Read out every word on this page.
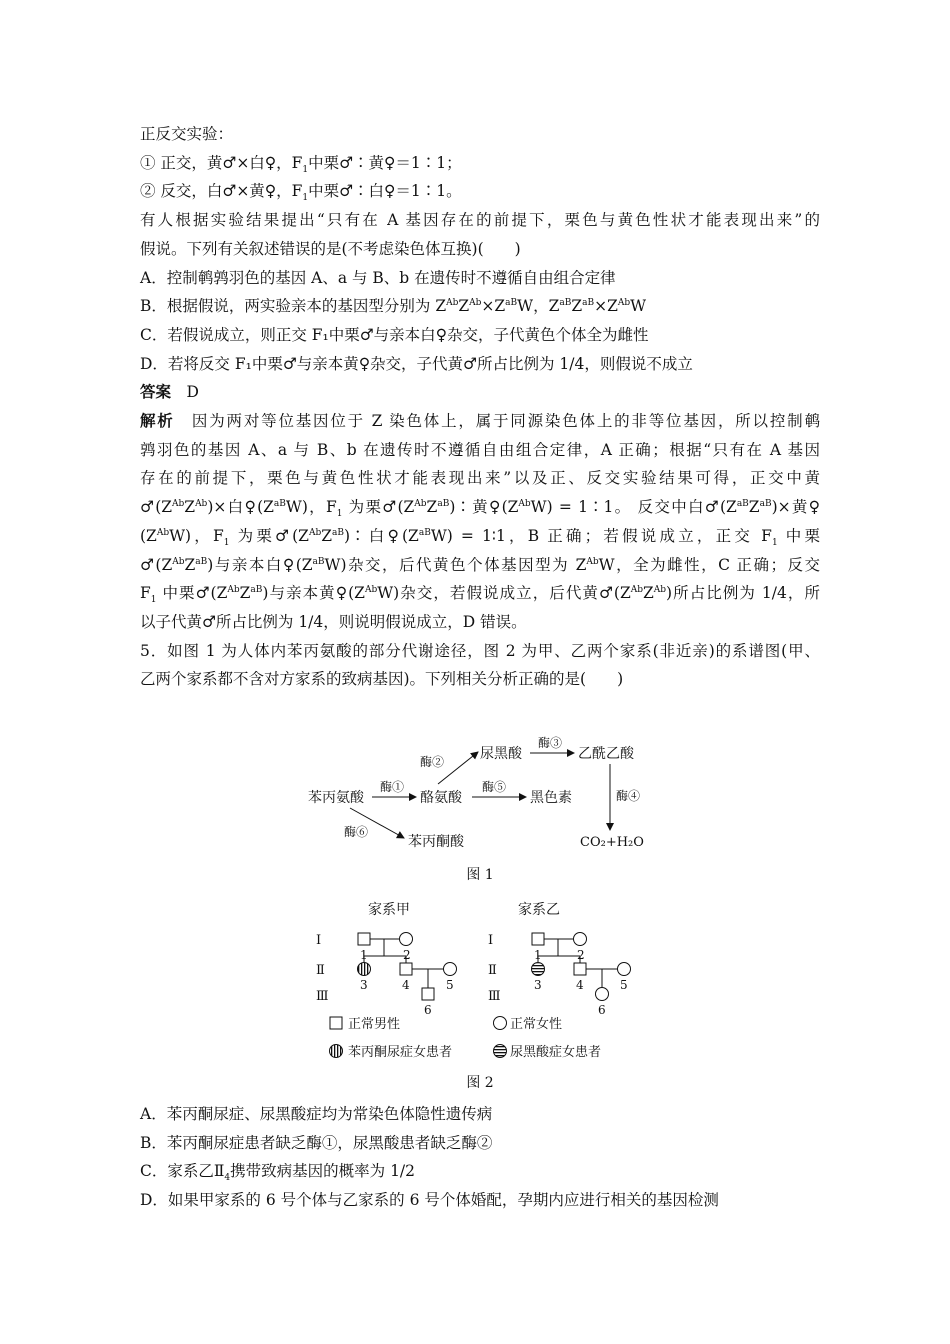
正反交实验：
① 正交，黄♂×白♀，$F_1$中栗♂∶黄♀＝1∶1；
② 反交，白♂×黄♀，$F_1$中栗♂∶白♀＝1∶1。
有人根据实验结果提出“只有在 A 基因存在的前提下，栗色与黄色性状才能表现出来”的
假说。下列有关叙述错误的是(不考虑染色体互换)(　　)
A．控制鹌鹑羽色的基因 A、a 与 B、b 在遗传时不遵循自由组合定律
B．根据假说，两实验亲本的基因型分别为 $Z^{Ab}Z^{Ab}\times Z^{aB}W$，$Z^{aB}Z^{aB}\times Z^{Ab}W$
C．若假说成立，则正交 F₁中栗♂与亲本白♀杂交，子代黄色个体全为雌性
D．若将反交 F₁中栗♂与亲本黄♀杂交，子代黄♂所占比例为 1/4，则假说不成立
答案　 D
解析　 因为两对等位基因位于 Z 染色体上，属于同源染色体上的非等位基因，所以控制鹌
鹑羽色的基因 A、a 与 B、b 在遗传时不遵循自由组合定律，A 正确；根据“只有在 A 基因
存在的前提下，栗色与黄色性状才能表现出来”以及正、反交实验结果可得，正交中黄
$♂(Z^{Ab}Z^{Ab})\times$白$♀(Z^{aB}W)$，$F_1$ 为栗$♂(Z^{Ab}Z^{aB})∶$黄$♀(Z^{Ab}W)$ = 1∶1。 反交中白$♂(Z^{aB}Z^{aB})\times$黄♀
$(Z^{Ab}W)$，$F_1$ 为栗$♂(Z^{Ab}Z^{aB})∶$白$♀(Z^{aB}W)$ = 1∶1，B 正确；若假说成立，正交 $F_1$ 中栗
$♂(Z^{Ab}Z^{aB})$与亲本白$♀(Z^{aB}W)$杂交，后代黄色个体基因型为 $Z^{Ab}W$，全为雌性，C 正确；反交
$F_1$ 中栗$♂(Z^{Ab}Z^{aB})$与亲本黄$♀(Z^{Ab}W)$杂交，若假说成立，后代黄$♂(Z^{Ab}Z^{Ab})$所占比例为 1/4，所
以子代黄♂所占比例为 1/4，则说明假说成立，D 错误。
5．如图 1 为人体内苯丙氨酸的部分代谢途径，图 2 为甲、乙两个家系(非近亲)的系谱图(甲、
乙两个家系都不含对方家系的致病基因)。下列相关分析正确的是(　　)
苯丙氨酸	酪氨酸
尿黑酸	乙酰乙酸
黑色素
苯丙酮酸	CO₂+H₂O
酶①
酶②
酶③
酶⑤
酶④
酶⑥
图 1
家系甲	家系乙
Ⅰ
Ⅱ
Ⅲ
1	2
3	4	5
6
Ⅰ
Ⅱ
Ⅲ
1	2
3	4	5
6
正常男性	正常女性
苯丙酮尿症女患者	尿黑酸症女患者
图 2
A．苯丙酮尿症、尿黑酸症均为常染色体隐性遗传病
B．苯丙酮尿症患者缺乏酶①，尿黑酸患者缺乏酶②
C．家系乙$Ⅱ_4$携带致病基因的概率为 1/2
D．如果甲家系的 6 号个体与乙家系的 6 号个体婚配，孕期内应进行相关的基因检测
